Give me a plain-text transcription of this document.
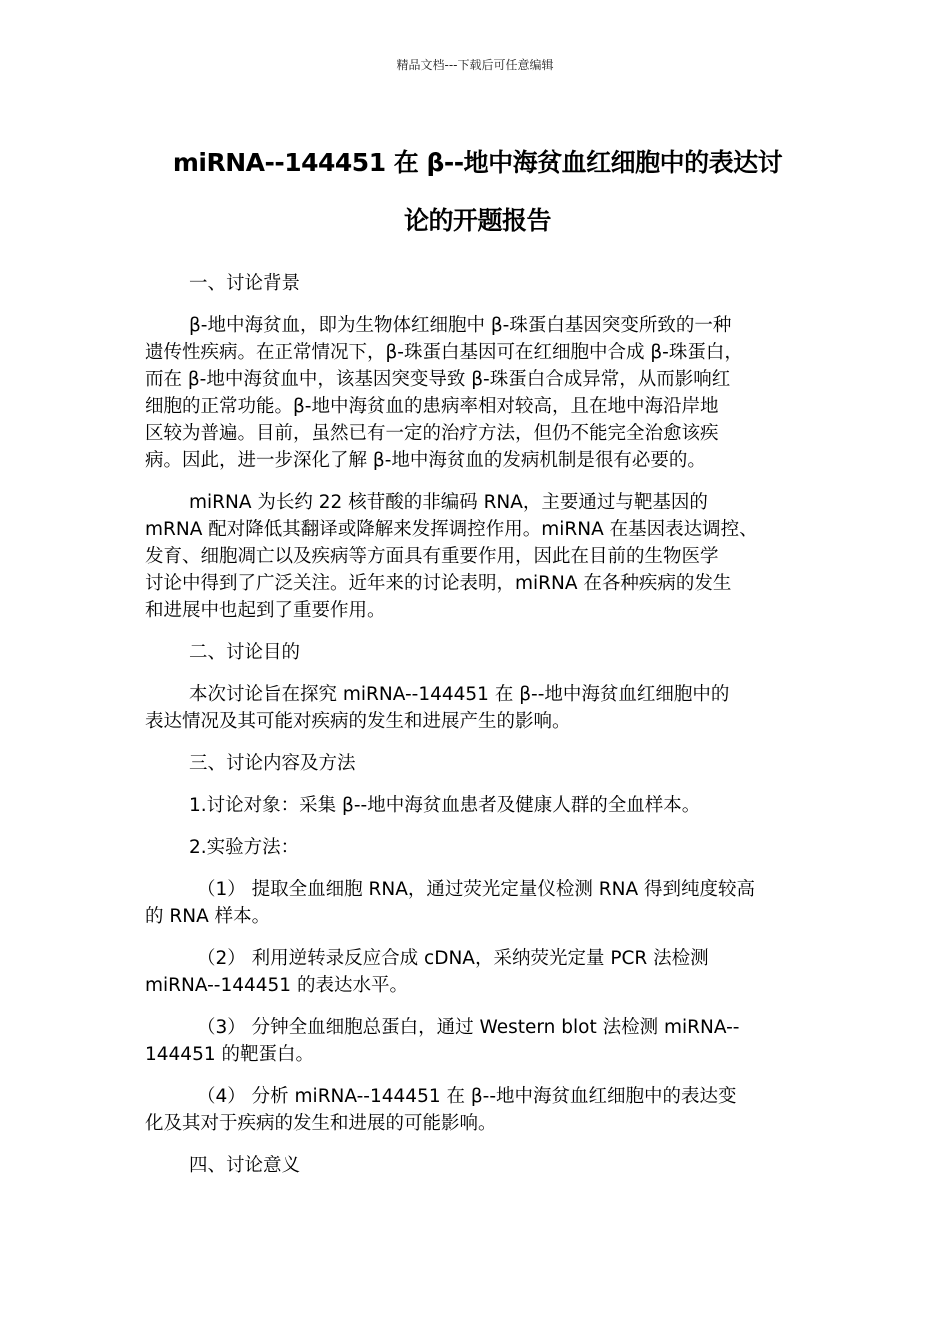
精品文档---下载后可任意编辑
miRNA--144451 在 β--地中海贫血红细胞中的表达讨
论的开题报告

一、讨论背景

β-地中海贫血，即为生物体红细胞中 β-珠蛋白基因突变所致的一种
遗传性疾病。在正常情况下，β-珠蛋白基因可在红细胞中合成 β-珠蛋白，
而在 β-地中海贫血中，该基因突变导致 β-珠蛋白合成异常，从而影响红
细胞的正常功能。β-地中海贫血的患病率相对较高，且在地中海沿岸地
区较为普遍。目前，虽然已有一定的治疗方法，但仍不能完全治愈该疾
病。因此，进一步深化了解 β-地中海贫血的发病机制是很有必要的。

miRNA 为长约 22 核苷酸的非编码 RNA，主要通过与靶基因的
mRNA 配对降低其翻译或降解来发挥调控作用。miRNA 在基因表达调控、
发育、细胞凋亡以及疾病等方面具有重要作用，因此在目前的生物医学
讨论中得到了广泛关注。近年来的讨论表明，miRNA 在各种疾病的发生
和进展中也起到了重要作用。

二、讨论目的

本次讨论旨在探究 miRNA--144451 在 β--地中海贫血红细胞中的
表达情况及其可能对疾病的发生和进展产生的影响。

三、讨论内容及方法

1.讨论对象：采集 β--地中海贫血患者及健康人群的全血样本。

2.实验方法：

（1） 提取全血细胞 RNA，通过荧光定量仪检测 RNA 得到纯度较高
的 RNA 样本。

（2） 利用逆转录反应合成 cDNA，采纳荧光定量 PCR 法检测
miRNA--144451 的表达水平。

（3） 分钟全血细胞总蛋白，通过 Western blot 法检测 miRNA--
144451 的靶蛋白。

（4） 分析 miRNA--144451 在 β--地中海贫血红细胞中的表达变
化及其对于疾病的发生和进展的可能影响。

四、讨论意义
